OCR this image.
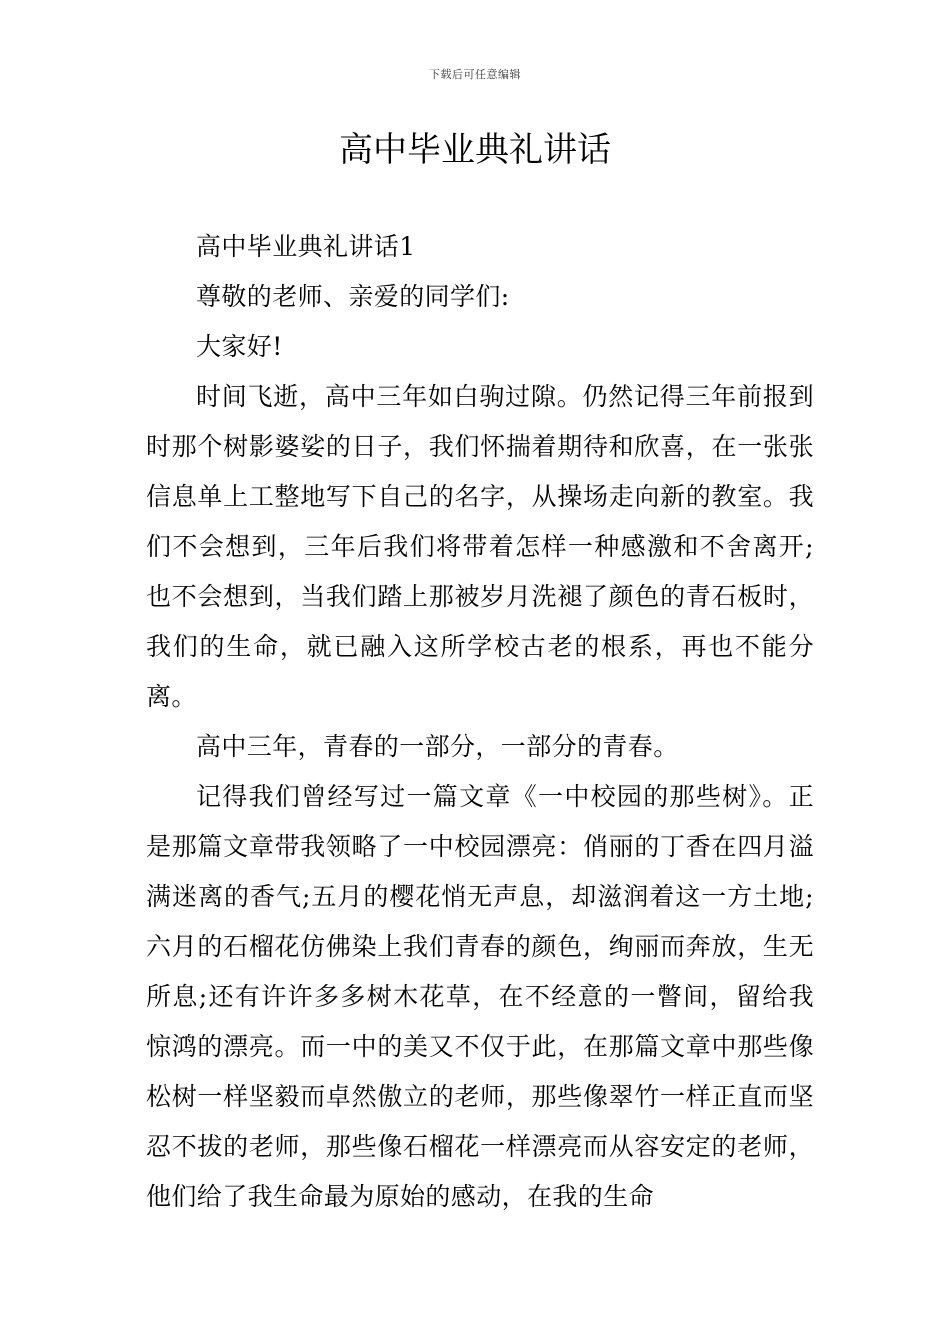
下载后可任意编辑
高中毕业典礼讲话

高中毕业典礼讲话1

尊敬的老师、亲爱的同学们:

大家好!

时间飞逝，高中三年如白驹过隙。仍然记得三年前报到时那个树影婆娑的日子，我们怀揣着期待和欣喜，在一张张信息单上工整地写下自己的名字，从操场走向新的教室。我们不会想到，三年后我们将带着怎样一种感激和不舍离开;也不会想到，当我们踏上那被岁月洗褪了颜色的青石板时，我们的生命，就已融入这所学校古老的根系，再也不能分离。

高中三年，青春的一部分，一部分的青春。

记得我们曾经写过一篇文章《一中校园的那些树》。正是那篇文章带我领略了一中校园漂亮：俏丽的丁香在四月溢满迷离的香气;五月的樱花悄无声息，却滋润着这一方土地;六月的石榴花仿佛染上我们青春的颜色，绚丽而奔放，生无所息;还有许许多多树木花草，在不经意的一瞥间，留给我惊鸿的漂亮。而一中的美又不仅于此，在那篇文章中那些像松树一样坚毅而卓然傲立的老师，那些像翠竹一样正直而坚忍不拔的老师，那些像石榴花一样漂亮而从容安定的老师，他们给了我生命最为原始的感动，在我的生命
